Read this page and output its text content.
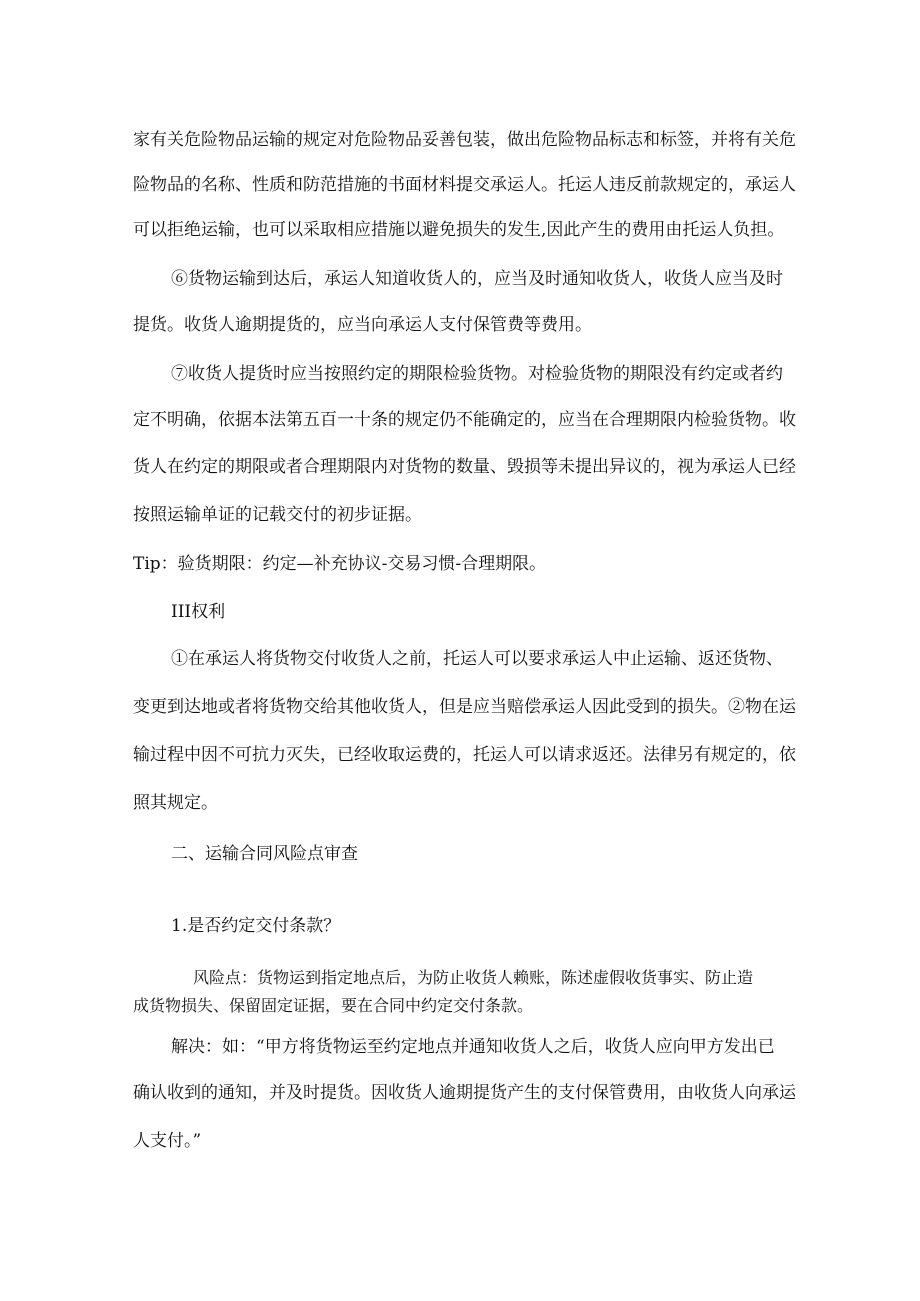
家有关危险物品运输的规定对危险物品妥善包装，做出危险物品标志和标签，并将有关危
险物品的名称、性质和防范措施的书面材料提交承运人。托运人违反前款规定的，承运人
可以拒绝运输，也可以采取相应措施以避免损失的发生,因此产生的费用由托运人负担。
⑥货物运输到达后，承运人知道收货人的，应当及时通知收货人，收货人应当及时
提货。收货人逾期提货的，应当向承运人支付保管费等费用。
⑦收货人提货时应当按照约定的期限检验货物。对检验货物的期限没有约定或者约
定不明确，依据本法第五百一十条的规定仍不能确定的，应当在合理期限内检验货物。收
货人在约定的期限或者合理期限内对货物的数量、毁损等未提出异议的，视为承运人已经
按照运输单证的记载交付的初步证据。
Tip：验货期限：约定—补充协议-交易习惯-合理期限。
III权利
①在承运人将货物交付收货人之前，托运人可以要求承运人中止运输、返还货物、
变更到达地或者将货物交给其他收货人，但是应当赔偿承运人因此受到的损失。②物在运
输过程中因不可抗力灭失，已经收取运费的，托运人可以请求返还。法律另有规定的，依
照其规定。
二、运输合同风险点审查
1.是否约定交付条款？
风险点：货物运到指定地点后，为防止收货人赖账，陈述虚假收货事实、防止造
成货物损失、保留固定证据，要在合同中约定交付条款。
解决：如：“甲方将货物运至约定地点并通知收货人之后，收货人应向甲方发出已
确认收到的通知，并及时提货。因收货人逾期提货产生的支付保管费用，由收货人向承运
人支付。”
